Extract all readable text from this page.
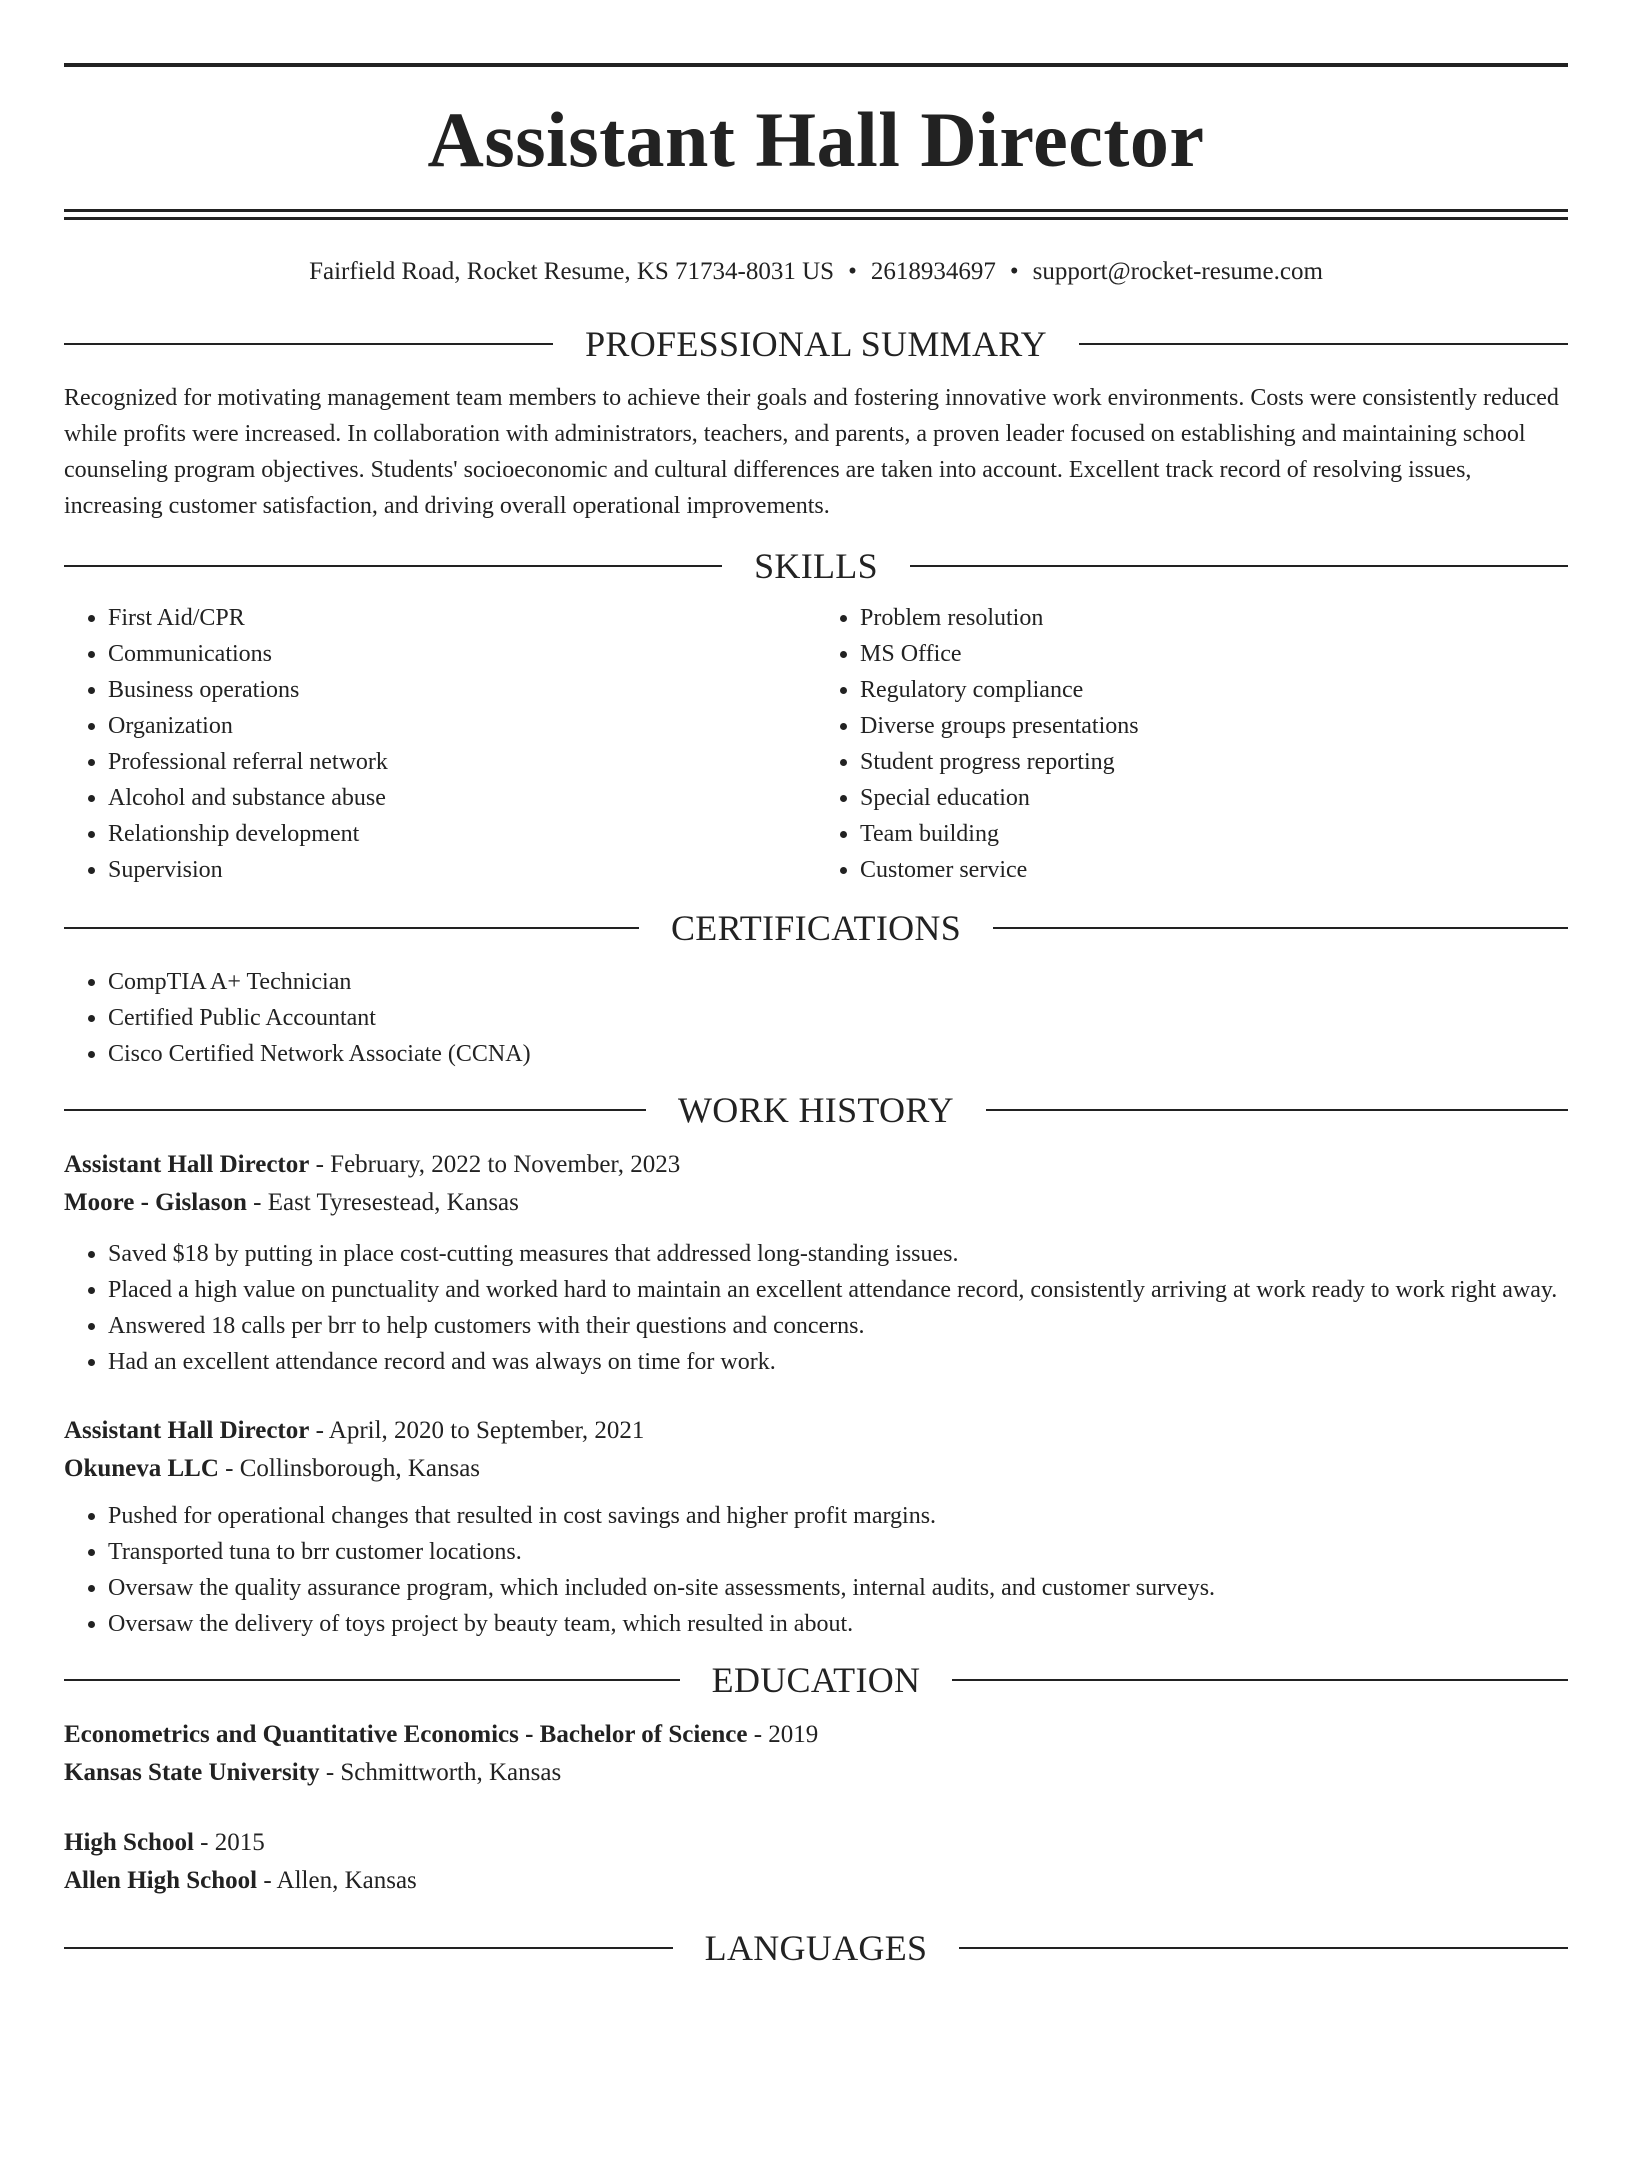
Assistant Hall Director
Fairfield Road, Rocket Resume, KS 71734-8031 US • 2618934697 • support@rocket-resume.com
PROFESSIONAL SUMMARY

Recognized for motivating management team members to achieve their goals and fostering innovative work environments. Costs were consistently reduced while profits were increased. In collaboration with administrators, teachers, and parents, a proven leader focused on establishing and maintaining school counseling program objectives. Students' socioeconomic and cultural differences are taken into account. Excellent track record of resolving issues, increasing customer satisfaction, and driving overall operational improvements.

SKILLS
• First Aid/CPR
• Communications
• Business operations
• Organization
• Professional referral network
• Alcohol and substance abuse
• Relationship development
• Supervision
• Problem resolution
• MS Office
• Regulatory compliance
• Diverse groups presentations
• Student progress reporting
• Special education
• Team building
• Customer service
CERTIFICATIONS
• CompTIA A+ Technician
• Certified Public Accountant
• Cisco Certified Network Associate (CCNA)
WORK HISTORY
Assistant Hall Director - February, 2022 to November, 2023
Moore - Gislason - East Tyresestead, Kansas
• Saved $18 by putting in place cost-cutting measures that addressed long-standing issues.
• Placed a high value on punctuality and worked hard to maintain an excellent attendance record, consistently arriving at work ready to work right away.
• Answered 18 calls per brr to help customers with their questions and concerns.
• Had an excellent attendance record and was always on time for work.
Assistant Hall Director - April, 2020 to September, 2021
Okuneva LLC - Collinsborough, Kansas
• Pushed for operational changes that resulted in cost savings and higher profit margins.
• Transported tuna to brr customer locations.
• Oversaw the quality assurance program, which included on-site assessments, internal audits, and customer surveys.
• Oversaw the delivery of toys project by beauty team, which resulted in about.
EDUCATION
Econometrics and Quantitative Economics - Bachelor of Science - 2019
Kansas State University - Schmittworth, Kansas
High School - 2015
Allen High School - Allen, Kansas
LANGUAGES
